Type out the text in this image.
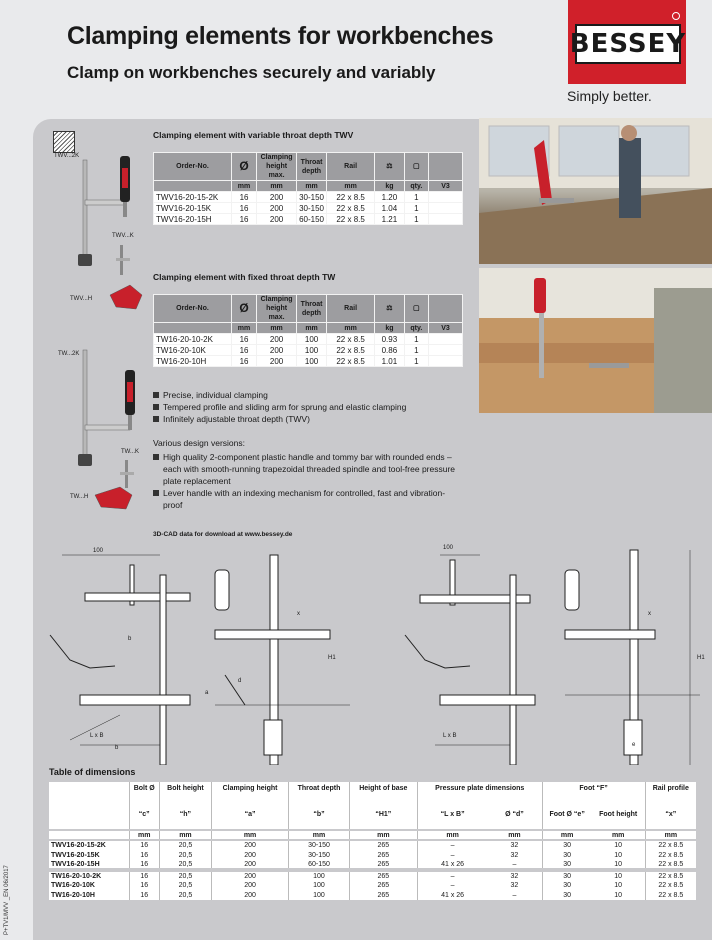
Clamping elements for workbenches
Clamp on workbenches securely and variably
BESSEY
Simply better.
TWV...2K
TWV...K
TWV...H
TW...2K
TW...K
TW...H
Clamping element with variable throat depth TWV
Order-No.	Ø	Clamping height max.	Throat depth	Rail	⚖	▢	
	mm	mm	mm	mm	kg	qty.	V3
TWV16-20-15-2K	16	200	30-150	22 x 8.5	1.20	1	
TWV16-20-15K	16	200	30-150	22 x 8.5	1.04	1	
TWV16-20-15H	16	200	60-150	22 x 8.5	1.21	1	
Clamping element with fixed throat depth TW
Order-No.	Ø	Clamping height max.	Throat depth	Rail	⚖	▢	
	mm	mm	mm	mm	kg	qty.	V3
TW16-20-10-2K	16	200	100	22 x 8.5	0.93	1	
TW16-20-10K	16	200	100	22 x 8.5	0.86	1	
TW16-20-10H	16	200	100	22 x 8.5	1.01	1	
Precise, individual clamping
Tempered profile and sliding arm for sprung and elastic clamping
Infinitely adjustable throat depth (TWV)
Various design versions:
High quality 2-component plastic handle and tommy bar with rounded ends – each with smooth-running trapezoidal threaded spindle and tool-free pressure plate replacement
Lever handle with an indexing mechanism for controlled, fast and vibration-proof
3D-CAD data for download at www.bessey.de
100	100
b
L x B	L x B
b
x
H1
a
d
H1
x
e
Table of dimensions
	Bolt Ø	Bolt height	Clamping height	Throat depth	Height of base	Pressure plate dimensions		Foot “F”		Rail profile
	“c”	“h”	“a”	“b”	“H1”	“L x B”	Ø “d”	Foot Ø “e”	Foot height	“x”
	mm	mm	mm	mm	mm	mm	mm	mm	mm	mm
TWV16-20-15-2K	16	20,5	200	30-150	265	–	32	30	10	22 x 8.5
TWV16-20-15K	16	20,5	200	30-150	265	–	32	30	10	22 x 8.5
TWV16-20-15H	16	20,5	200	60-150	265	41 x 26	–	30	10	22 x 8.5
TW16-20-10-2K	16	20,5	200	100	265	–	32	30	10	22 x 8.5
TW16-20-10K	16	20,5	200	100	265	–	32	30	10	22 x 8.5
TW16-20-10H	16	20,5	200	100	265	41 x 26	–	30	10	22 x 8.5
P+TV1/MVV _EN 06/2017
